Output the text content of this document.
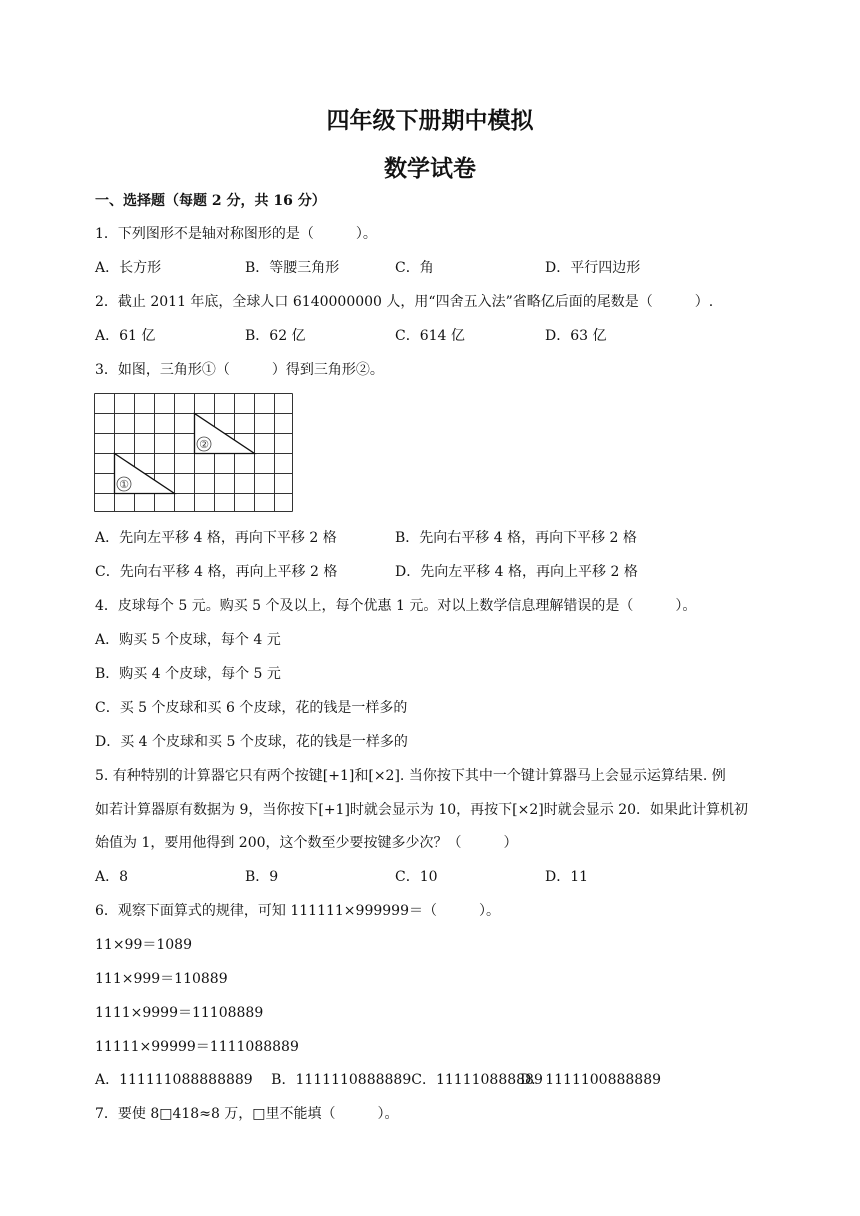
四年级下册期中模拟
数学试卷
一、选择题（每题 2 分，共 16 分）
1．下列图形不是轴对称图形的是（　　　）。
A．长方形	B．等腰三角形	C．角	D．平行四边形
2．截止 2011 年底，全球人口 6140000000 人，用“四舍五入法”省略亿后面的尾数是（　　　）.
A．61 亿	B．62 亿	C．614 亿	D．63 亿
3．如图，三角形①（　　　）得到三角形②。
①
②
A．先向左平移 4 格，再向下平移 2 格	B．先向右平移 4 格，再向下平移 2 格
C．先向右平移 4 格，再向上平移 2 格	D．先向左平移 4 格，再向上平移 2 格
4．皮球每个 5 元。购买 5 个及以上，每个优惠 1 元。对以上数学信息理解错误的是（　　　）。
A．购买 5 个皮球，每个 4 元
B．购买 4 个皮球，每个 5 元
C．买 5 个皮球和买 6 个皮球，花的钱是一样多的
D．买 4 个皮球和买 5 个皮球，花的钱是一样多的
5. 有种特别的计算器它只有两个按键[+1]和[×2]. 当你按下其中一个键计算器马上会显示运算结果. 例
如若计算器原有数据为 9，当你按下[+1]时就会显示为 10，再按下[×2]时就会显示 20．如果此计算机初
始值为 1，要用他得到 200，这个数至少要按键多少次？（　　　）
A．8	B．9	C．10	D．11
6．观察下面算式的规律，可知 111111×999999＝（　　　）。
11×99＝1089
111×999＝110889
1111×9999＝11108889
11111×99999＝1111088889
A．111111088888889　 B．1111110888889C．111110888889
D．1111100888889
7．要使 8□418≈8 万，□里不能填（　　　）。
